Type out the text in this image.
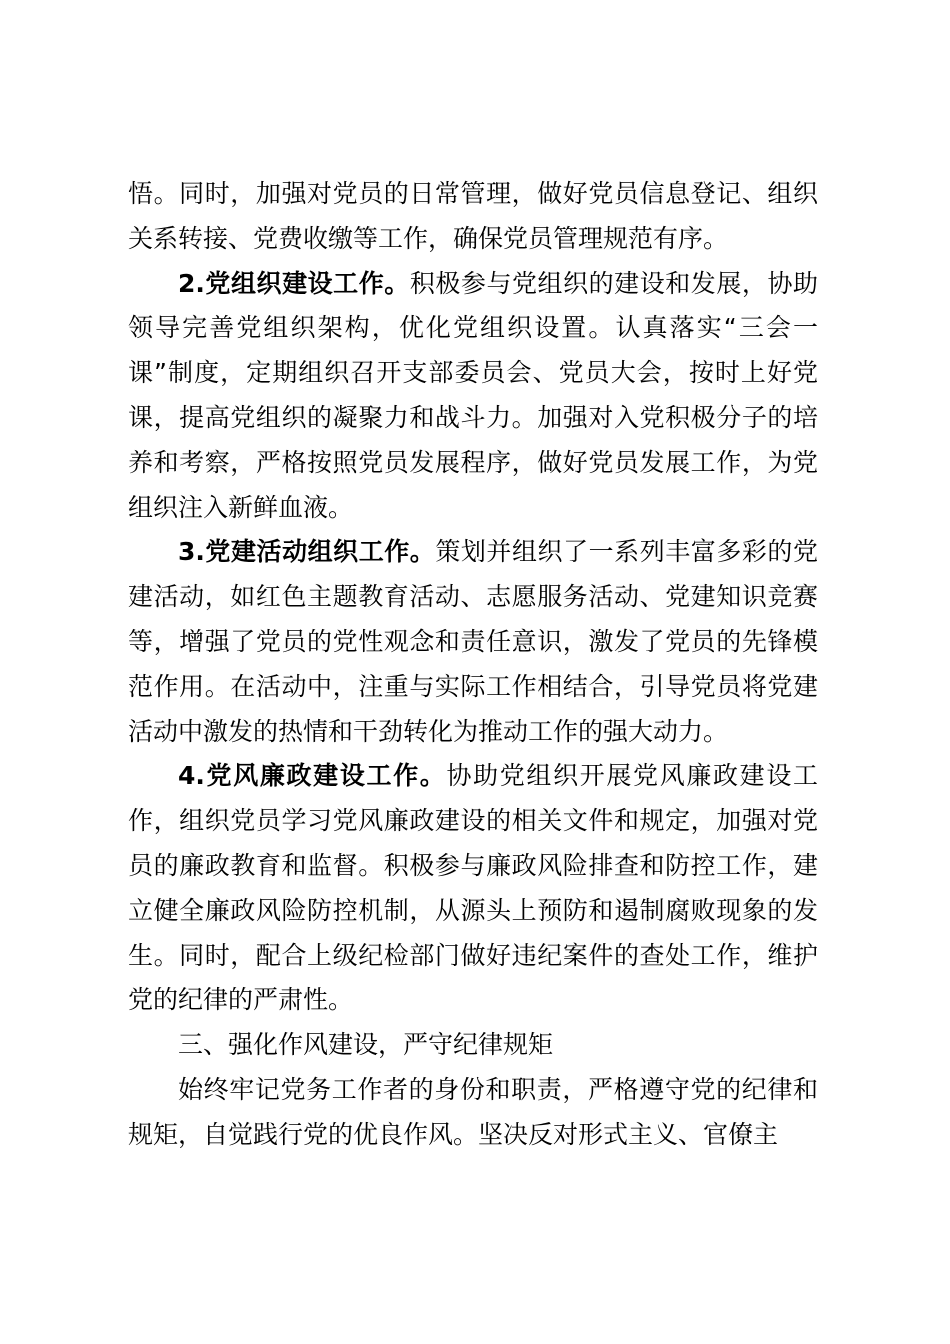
悟。同时，加强对党员的日常管理，做好党员信息登记、组织关系转接、党费收缴等工作，确保党员管理规范有序。

2.党组织建设工作。积极参与党组织的建设和发展，协助领导完善党组织架构，优化党组织设置。认真落实“三会一课”制度，定期组织召开支部委员会、党员大会，按时上好党课，提高党组织的凝聚力和战斗力。加强对入党积极分子的培养和考察，严格按照党员发展程序，做好党员发展工作，为党组织注入新鲜血液。

3.党建活动组织工作。策划并组织了一系列丰富多彩的党建活动，如红色主题教育活动、志愿服务活动、党建知识竞赛等，增强了党员的党性观念和责任意识，激发了党员的先锋模范作用。在活动中，注重与实际工作相结合，引导党员将党建活动中激发的热情和干劲转化为推动工作的强大动力。

4.党风廉政建设工作。协助党组织开展党风廉政建设工作，组织党员学习党风廉政建设的相关文件和规定，加强对党员的廉政教育和监督。积极参与廉政风险排查和防控工作，建立健全廉政风险防控机制，从源头上预防和遏制腐败现象的发生。同时，配合上级纪检部门做好违纪案件的查处工作，维护党的纪律的严肃性。

三、强化作风建设，严守纪律规矩

始终牢记党务工作者的身份和职责，严格遵守党的纪律和规矩，自觉践行党的优良作风。坚决反对形式主义、官僚主
